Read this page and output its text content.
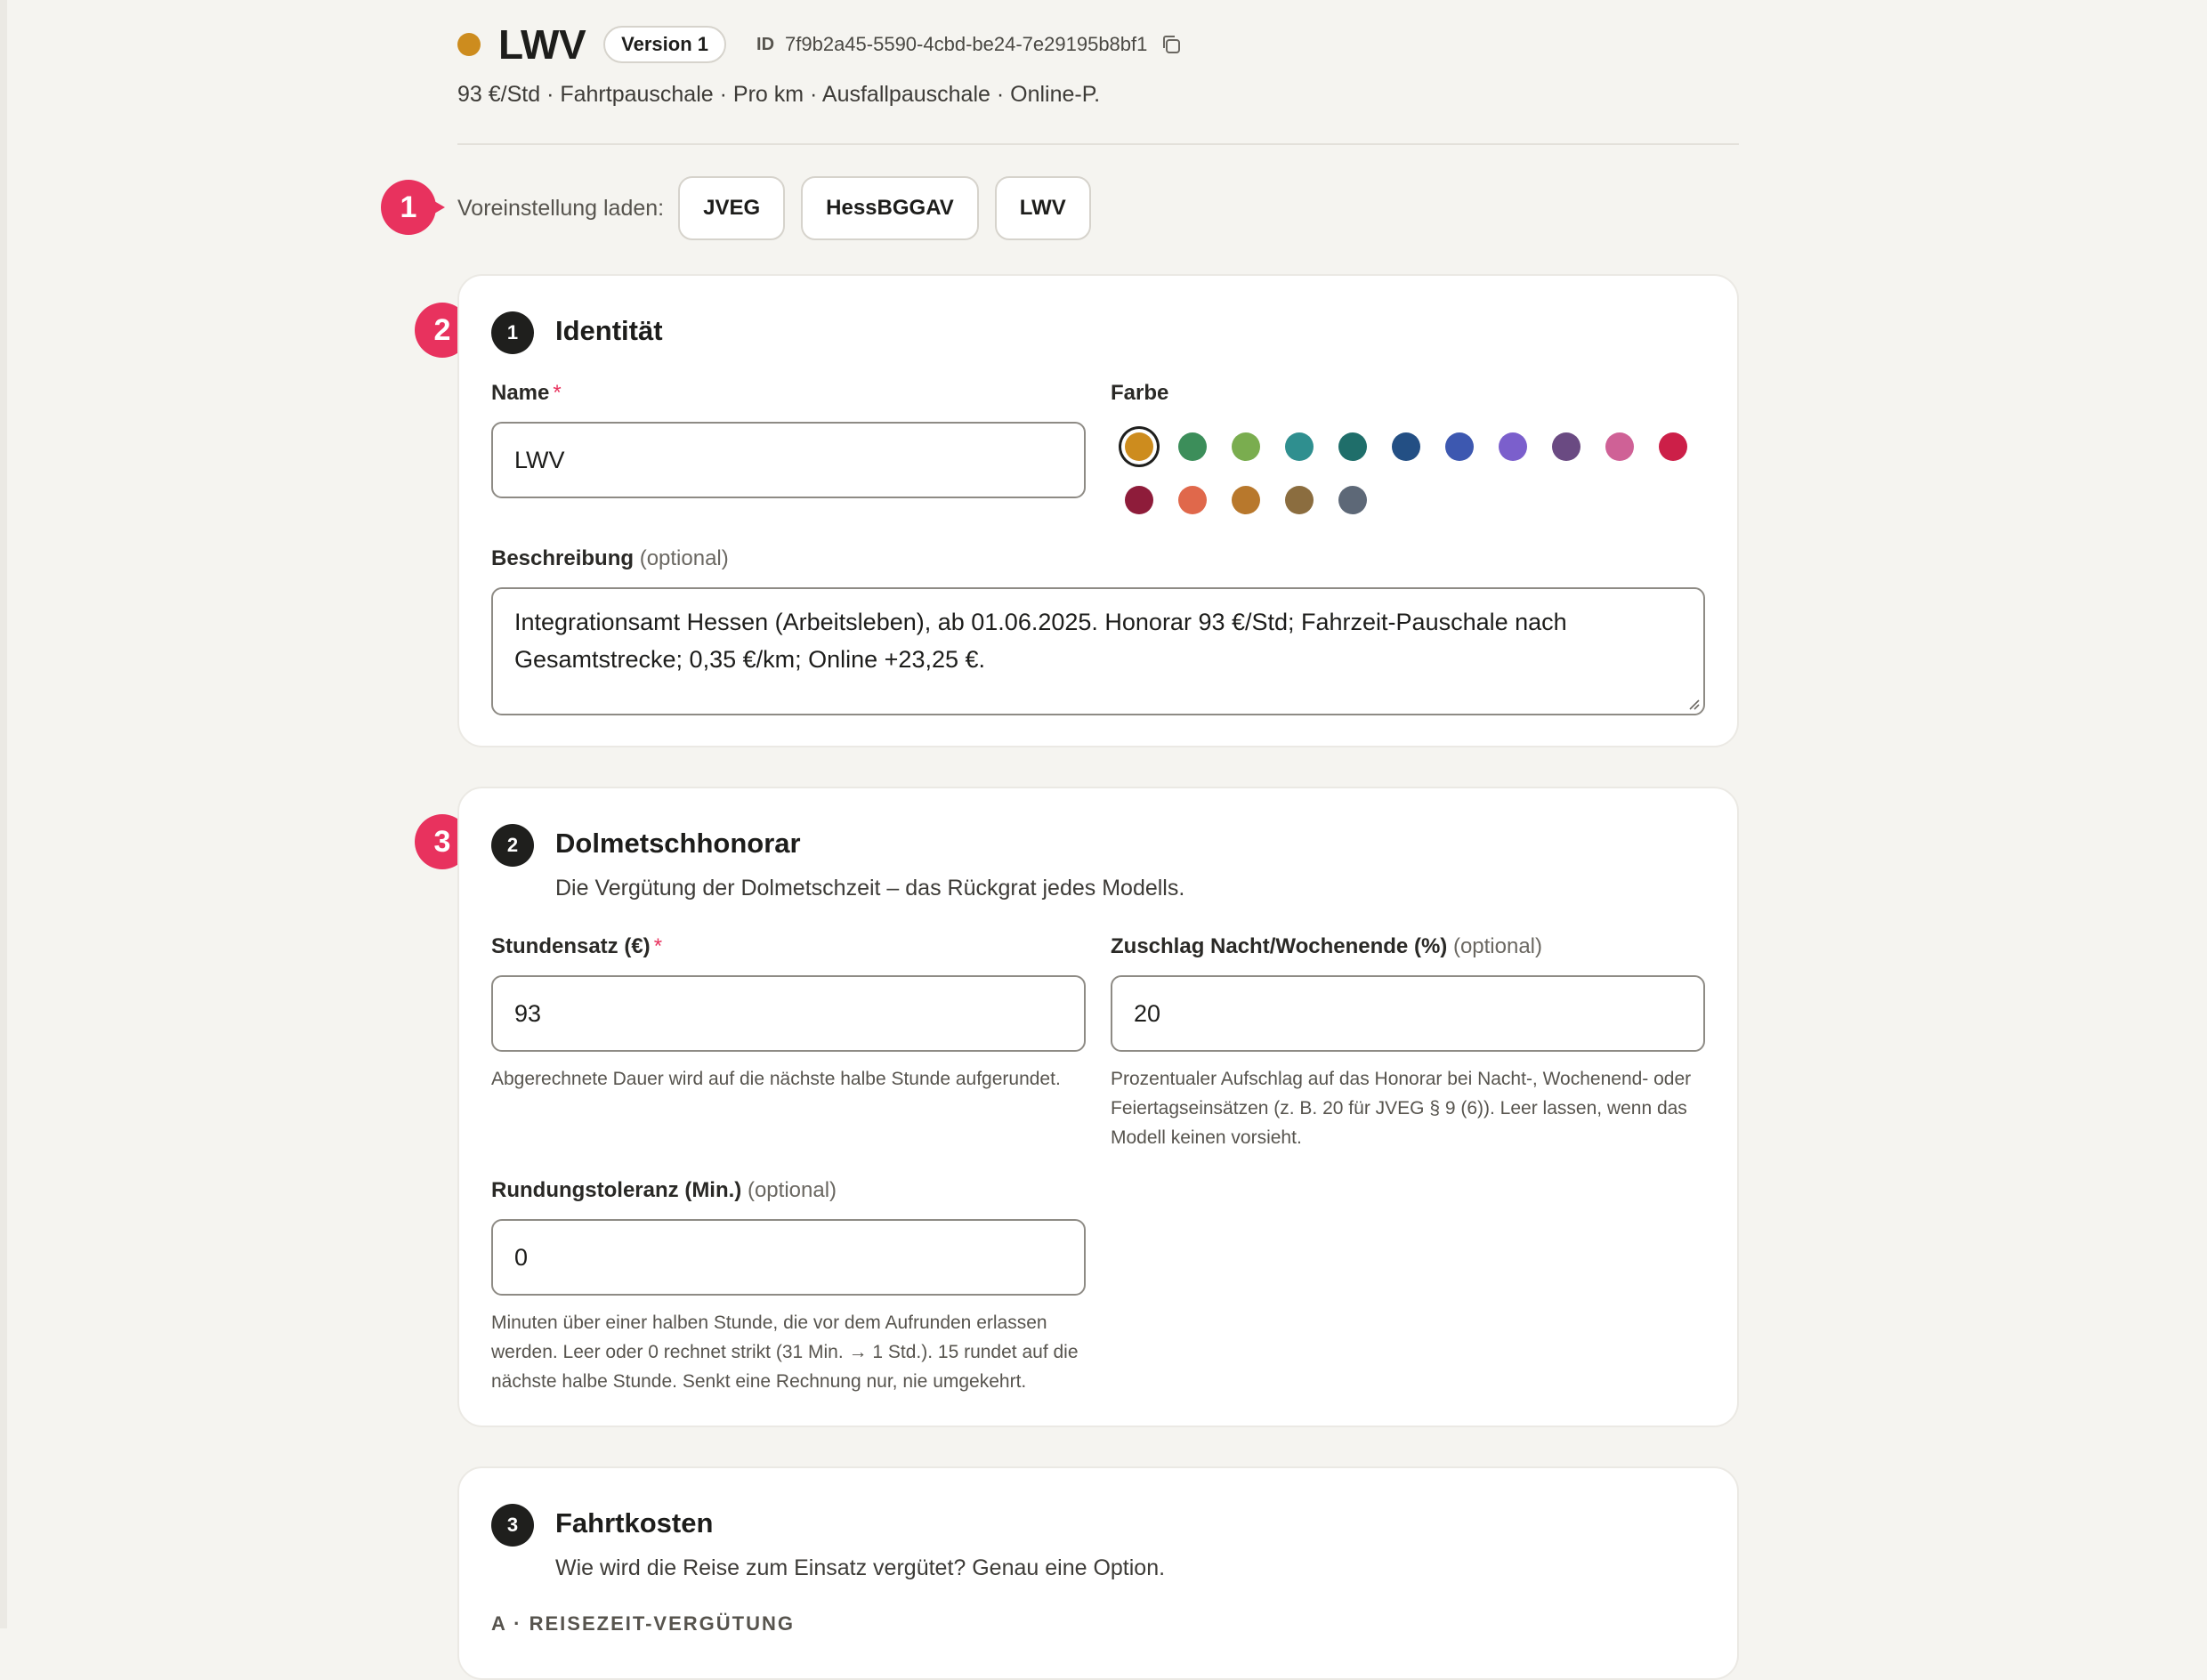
LWV	Version 1	ID 7f9b2a45-5590-4cbd-be24-7e29195b8bf1
93 €/Std · Fahrtpauschale · Pro km · Ausfallpauschale · Online-P.
1	Voreinstellung laden:	JVEG	HessBGGAV	LWV
2	1	Identität
Name *
LWV
Farbe
Beschreibung (optional)
Integrationsamt Hessen (Arbeitsleben), ab 01.06.2025. Honorar 93 €/Std; Fahrzeit-Pauschale nach Gesamtstrecke; 0,35 €/km; Online +23,25 €.
3	2	Dolmetschhonorar
Die Vergütung der Dolmetschzeit – das Rückgrat jedes Modells.
Stundensatz (€) *
93
Abgerechnete Dauer wird auf die nächste halbe Stunde aufgerundet.
Zuschlag Nacht/Wochenende (%) (optional)
20
Prozentualer Aufschlag auf das Honorar bei Nacht-, Wochenend- oder Feiertagseinsätzen (z. B. 20 für JVEG § 9 (6)). Leer lassen, wenn das Modell keinen vorsieht.
Rundungstoleranz (Min.) (optional)
0
Minuten über einer halben Stunde, die vor dem Aufrunden erlassen werden. Leer oder 0 rechnet strikt (31 Min. → 1 Std.). 15 rundet auf die nächste halbe Stunde. Senkt eine Rechnung nur, nie umgekehrt.
3	Fahrtkosten
Wie wird die Reise zum Einsatz vergütet? Genau eine Option.
A · REISEZEIT-VERGÜTUNG
